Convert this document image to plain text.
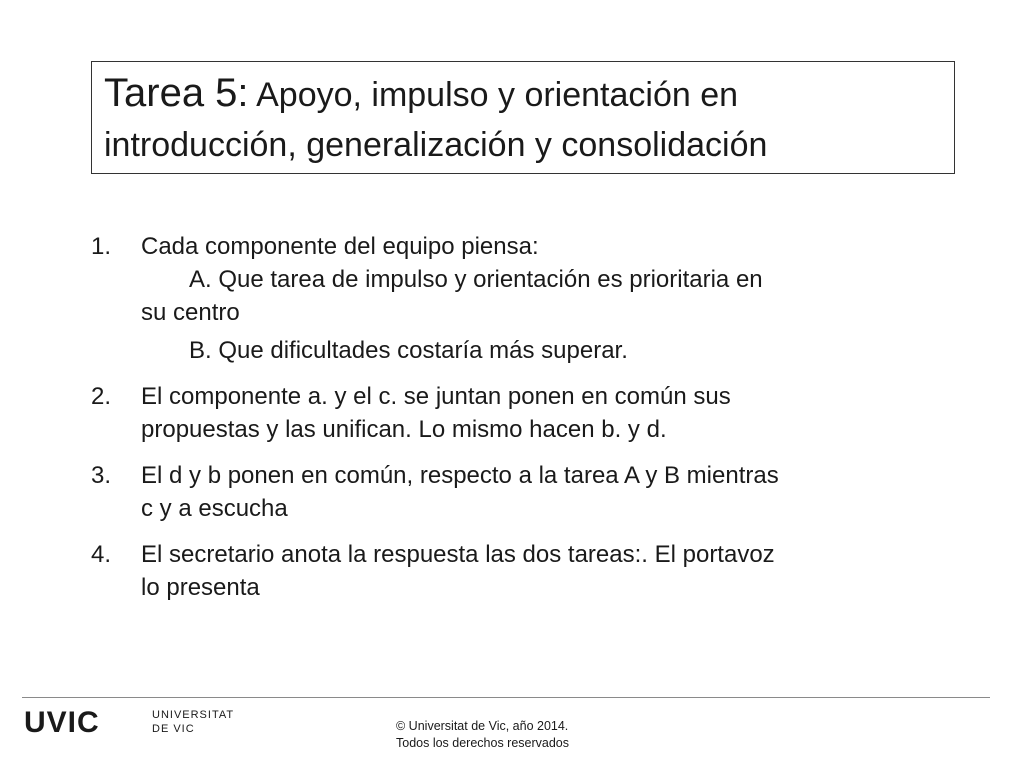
Tarea 5: Apoyo, impulso y orientación en
introducción, generalización y consolidación
1. Cada componente del equipo piensa:
A. Que tarea de impulso y orientación es prioritaria en
su centro
B. Que dificultades costaría más superar.
2. El componente a. y el c. se juntan ponen en común sus
propuestas y las unifican. Lo mismo hacen b. y d.
3. El d y b ponen en común, respecto a la tarea A y B mientras
c y a escucha
4. El secretario anota la respuesta las dos tareas:. El portavoz
lo presenta
UVIC	UNIVERSITAT
DE VIC	© Universitat de Vic, año 2014.
Todos los derechos reservados
